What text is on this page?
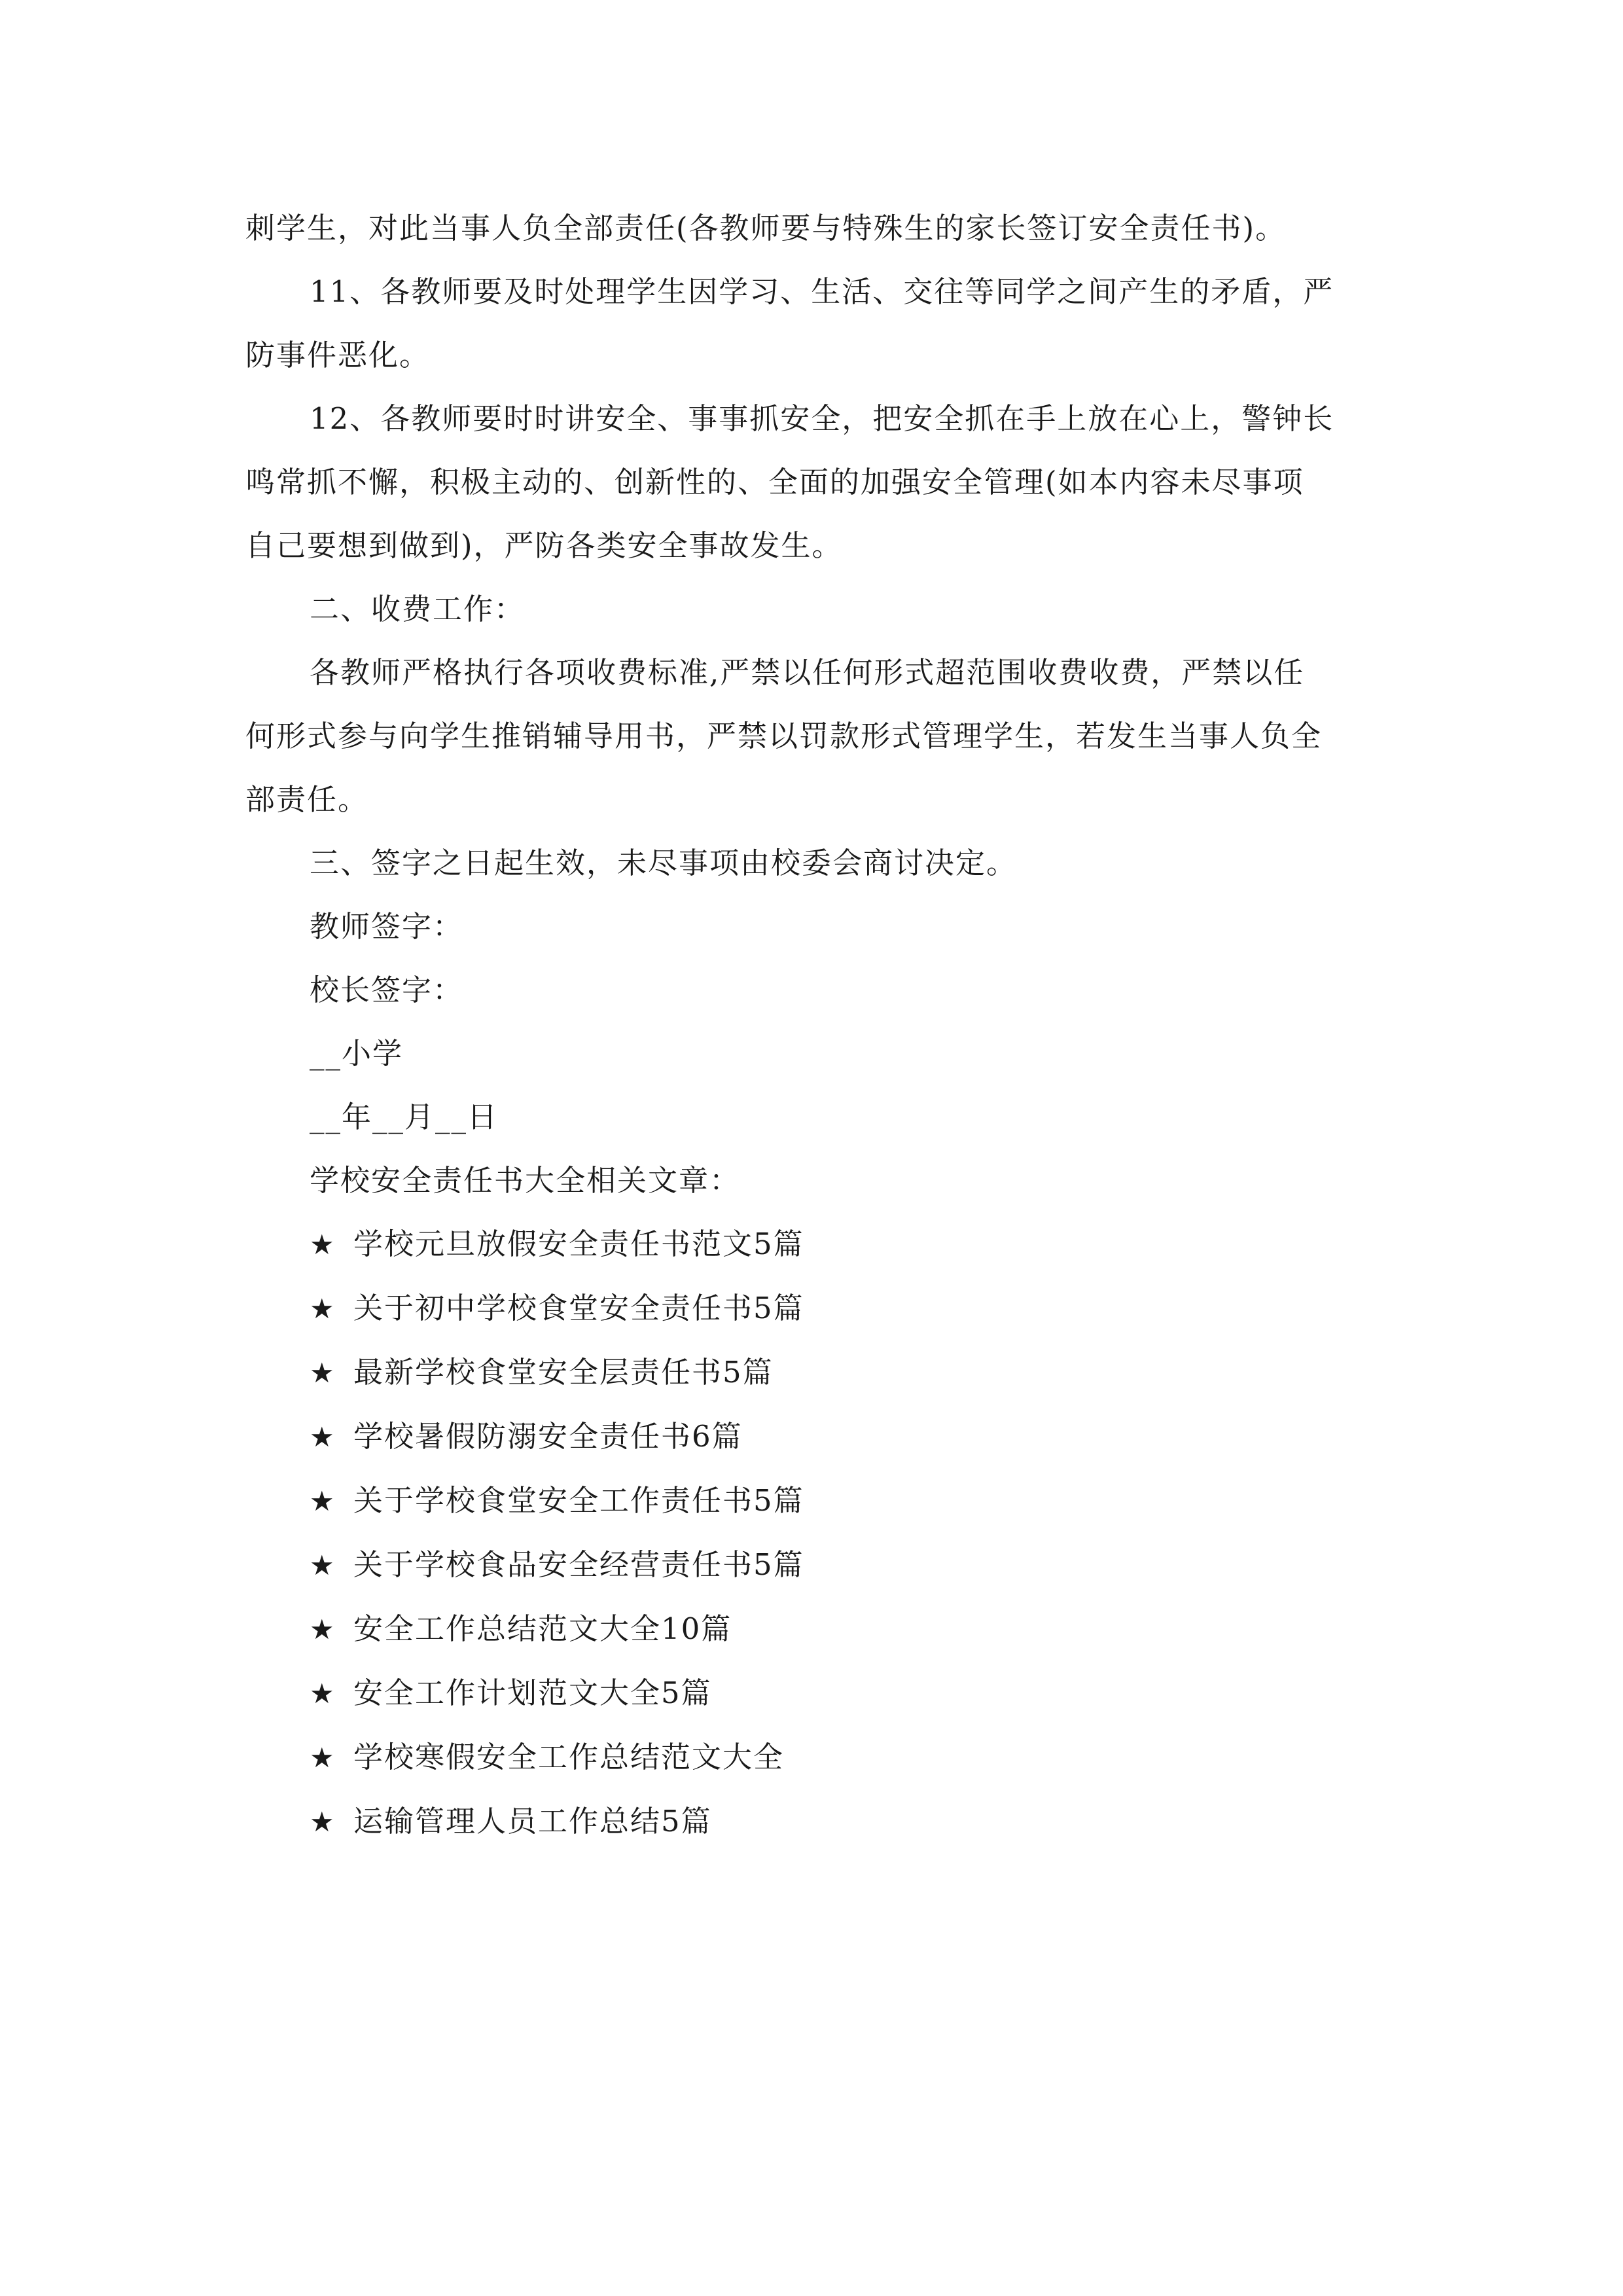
刺学生，对此当事人负全部责任(各教师要与特殊生的家长签订安全责任书)。

11、各教师要及时处理学生因学习、生活、交往等同学之间产生的矛盾，严
防事件恶化。

12、各教师要时时讲安全、事事抓安全，把安全抓在手上放在心上，警钟长
鸣常抓不懈，积极主动的、创新性的、全面的加强安全管理(如本内容未尽事项
自己要想到做到)，严防各类安全事故发生。

二、收费工作：

各教师严格执行各项收费标准,严禁以任何形式超范围收费收费，严禁以任
何形式参与向学生推销辅导用书，严禁以罚款形式管理学生，若发生当事人负全
部责任。

三、签字之日起生效，未尽事项由校委会商讨决定。

教师签字：

校长签字：

__小学

__年__月__日

学校安全责任书大全相关文章：

★ 学校元旦放假安全责任书范文5篇
★ 关于初中学校食堂安全责任书5篇
★ 最新学校食堂安全层责任书5篇
★ 学校暑假防溺安全责任书6篇
★ 关于学校食堂安全工作责任书5篇
★ 关于学校食品安全经营责任书5篇
★ 安全工作总结范文大全10篇
★ 安全工作计划范文大全5篇
★ 学校寒假安全工作总结范文大全
★ 运输管理人员工作总结5篇
